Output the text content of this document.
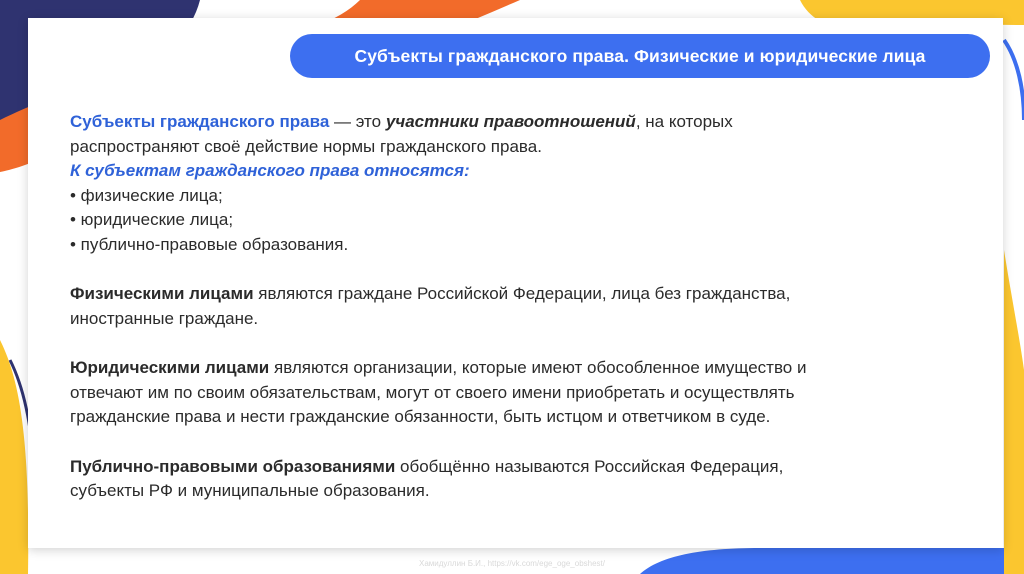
Субъекты гражданского права. Физические и юридические лица

Субъекты гражданского права — это участники правоотношений, на которых
распространяют своё действие нормы гражданского права.

К субъектам гражданского права относятся:

• физические лица;

• юридические лица;

• публично-правовые образования.

Физическими лицами являются граждане Российской Федерации, лица без гражданства,
иностранные граждане.

Юридическими лицами являются организации, которые имеют обособленное имущество и
отвечают им по своим обязательствам, могут от своего имени приобретать и осуществлять
гражданские права и нести гражданские обязанности, быть истцом и ответчиком в суде.

Публично-правовыми образованиями обобщённо называются Российская Федерация,
субъекты РФ и муниципальные образования.

Хамидуллин Б.И., https://vk.com/ege_oge_obshest/
